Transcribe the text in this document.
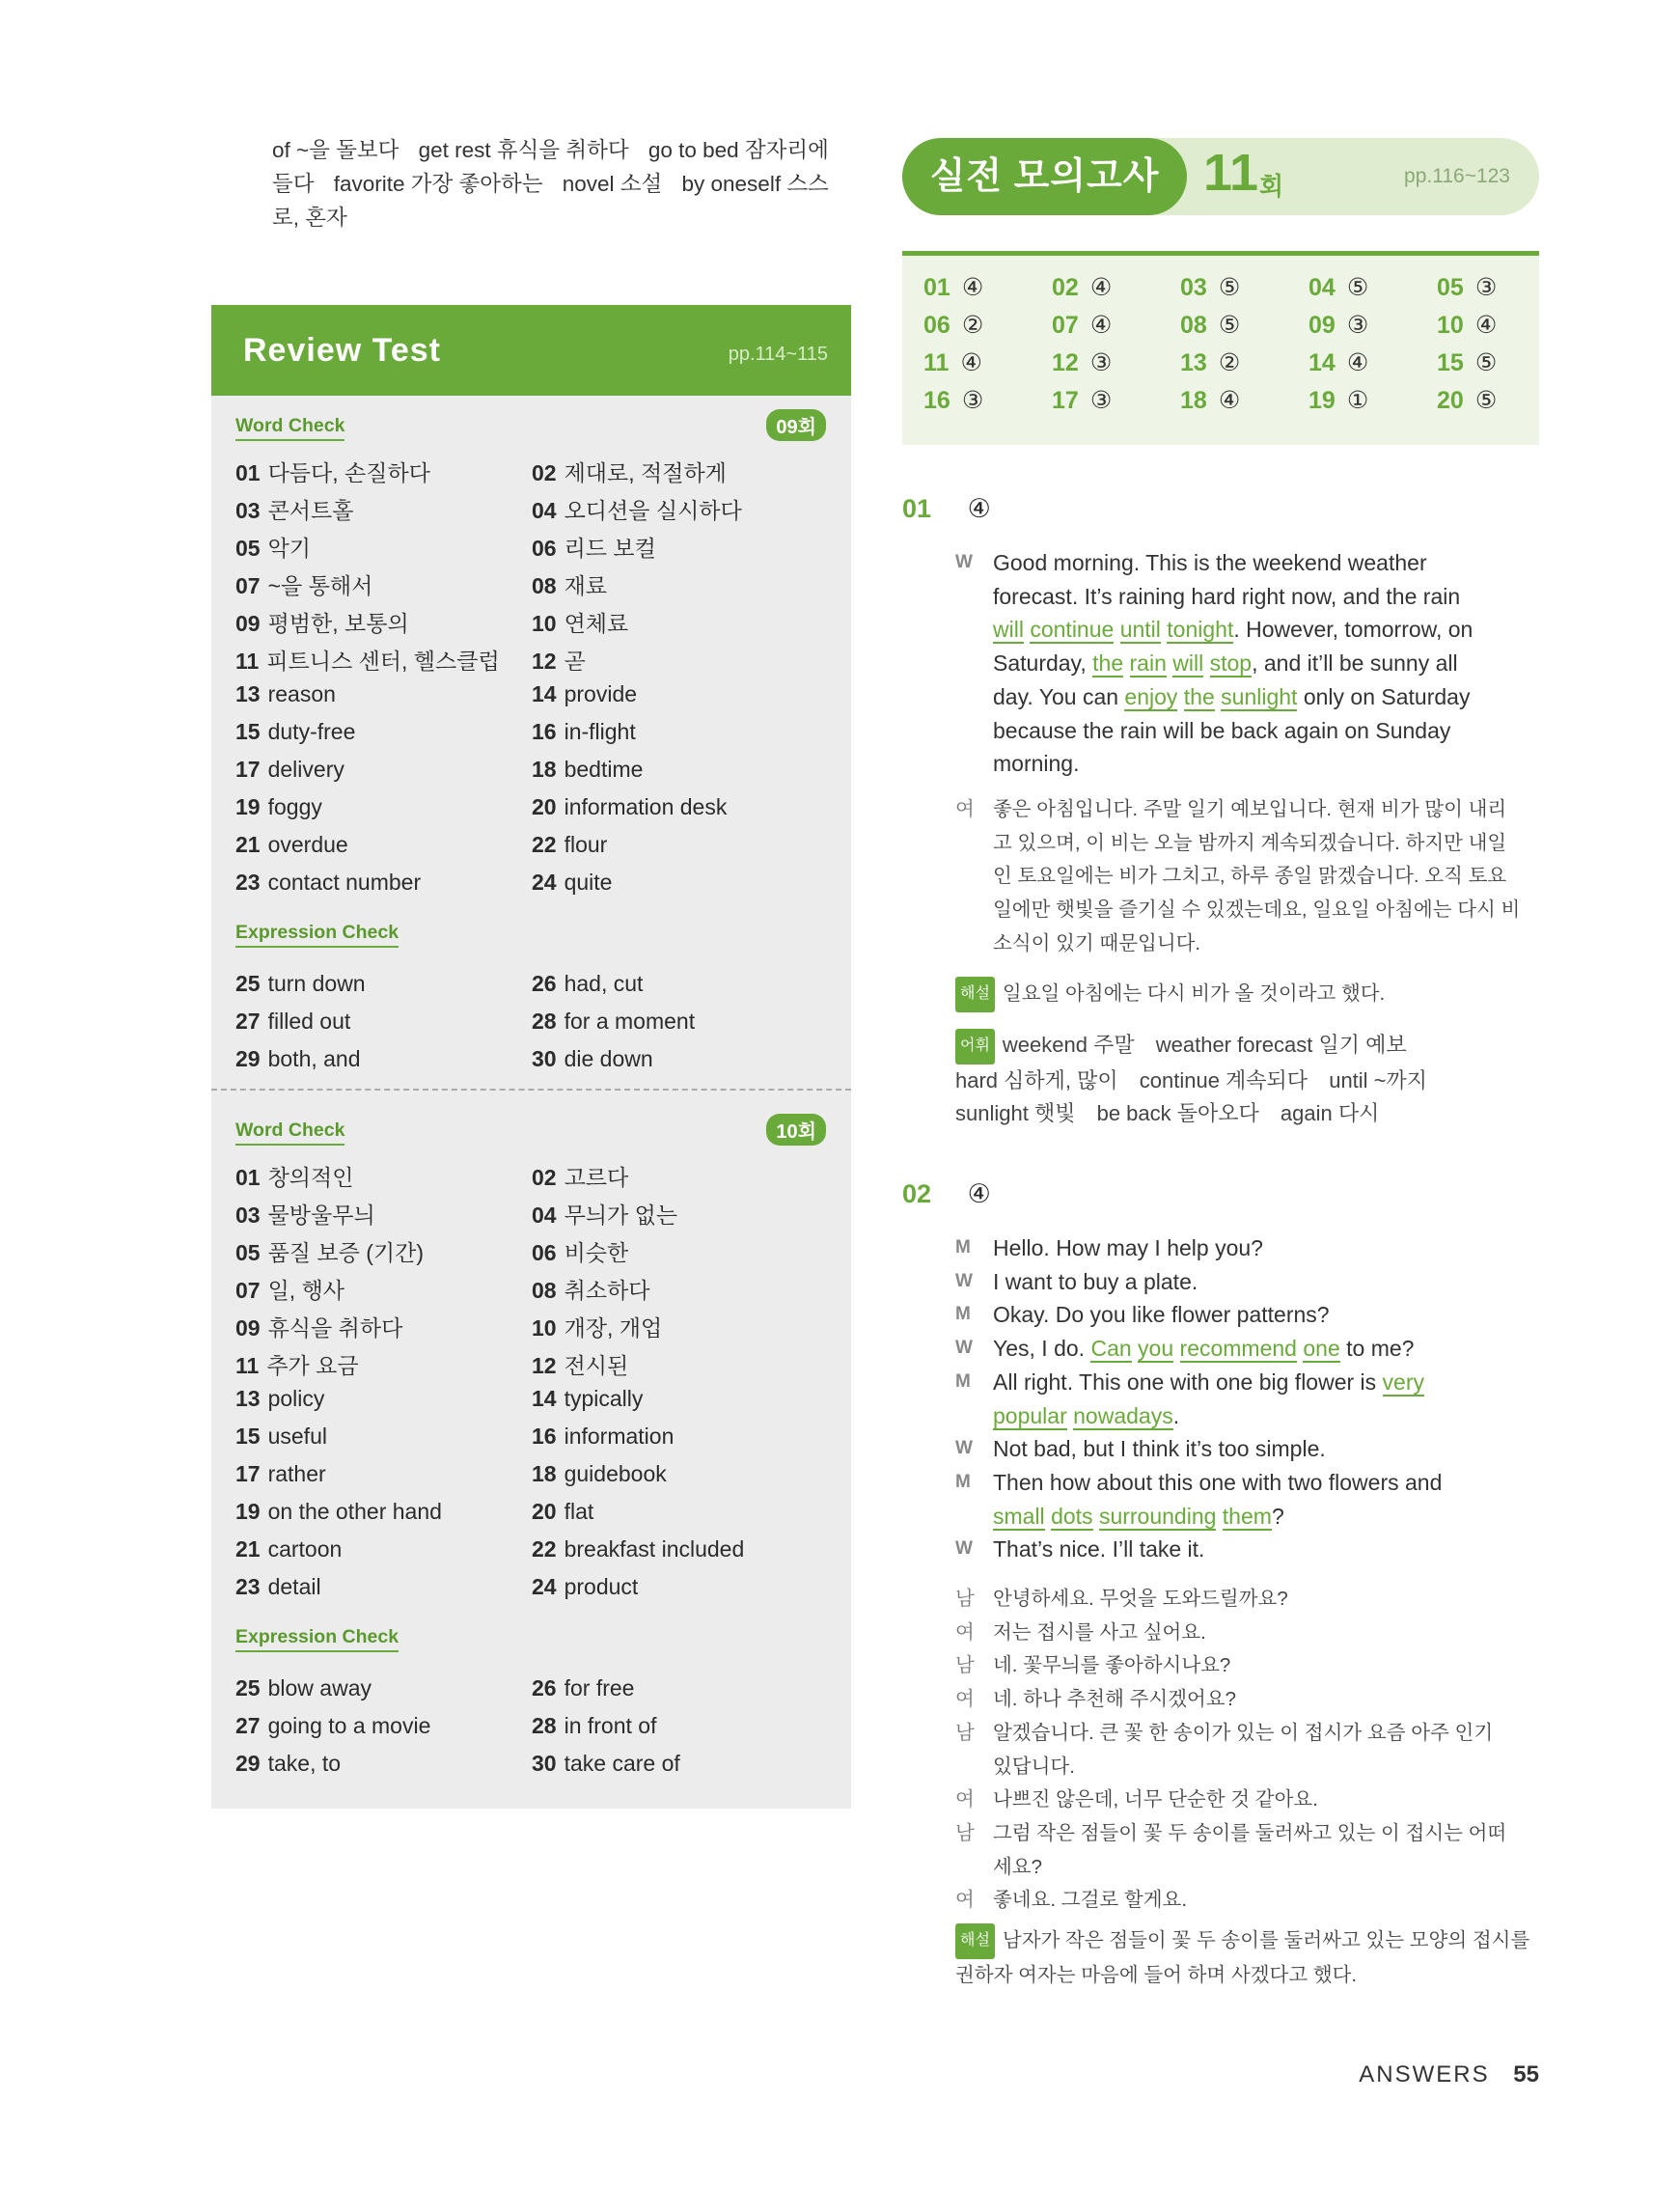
of ~을 돌보다 get rest 휴식을 취하다 go to bed 잠자리에 들다 favorite 가장 좋아하는 novel 소설 by oneself 스스로, 혼자
Review Test	pp.114~115
Word Check	09회
01 다듬다, 손질하다	02 제대로, 적절하게
03 콘서트홀	04 오디션을 실시하다
05 악기	06 리드 보컬
07 ~을 통해서	08 재료
09 평범한, 보통의	10 연체료
11 피트니스 센터, 헬스클럽	12 곧
13 reason	14 provide
15 duty-free	16 in-flight
17 delivery	18 bedtime
19 foggy	20 information desk
21 overdue	22 flour
23 contact number	24 quite
Expression Check
25 turn down	26 had, cut
27 filled out	28 for a moment
29 both, and	30 die down
Word Check	10회
01 창의적인	02 고르다
03 물방울무늬	04 무늬가 없는
05 품질 보증 (기간)	06 비슷한
07 일, 행사	08 취소하다
09 휴식을 취하다	10 개장, 개업
11 추가 요금	12 전시된
13 policy	14 typically
15 useful	16 information
17 rather	18 guidebook
19 on the other hand	20 flat
21 cartoon	22 breakfast included
23 detail	24 product
Expression Check
25 blow away	26 for free
27 going to a movie	28 in front of
29 take, to	30 take care of
실전 모의고사 11 회	pp.116~123
01 ④	02 ④	03 ⑤	04 ⑤	05 ③
06 ②	07 ④	08 ⑤	09 ③	10 ④
11 ④	12 ③	13 ②	14 ④	15 ⑤
16 ③	17 ③	18 ④	19 ①	20 ⑤
01 ④
W Good morning. This is the weekend weather
forecast. It’s raining hard right now, and the rain
will continue until tonight. However, tomorrow, on
Saturday, the rain will stop, and it’ll be sunny all
day. You can enjoy the sunlight only on Saturday
because the rain will be back again on Sunday
morning.
여 좋은 아침입니다. 주말 일기 예보입니다. 현재 비가 많이 내리
고 있으며, 이 비는 오늘 밤까지 계속되겠습니다. 하지만 내일
인 토요일에는 비가 그치고, 하루 종일 맑겠습니다. 오직 토요
일에만 햇빛을 즐기실 수 있겠는데요, 일요일 아침에는 다시 비
소식이 있기 때문입니다.
해설 일요일 아침에는 다시 비가 올 것이라고 했다.
어휘 weekend 주말 weather forecast 일기 예보 hard 심하게, 많이 continue 계속되다 until ~까지 sunlight 햇빛 be back 돌아오다 again 다시
02 ④
M	Hello. How may I help you?
W I want to buy a plate.
M	Okay. Do you like flower patterns?
W Yes, I do. Can you recommend one to me?
M	All right. This one with one big flower is very
popular nowadays.
W Not bad, but I think it’s too simple.
M	Then how about this one with two flowers and
small dots surrounding them?
W That’s nice. I’ll take it.
남 안녕하세요. 무엇을 도와드릴까요?
여 저는 접시를 사고 싶어요.
남 네. 꽃무늬를 좋아하시나요?
여 네. 하나 추천해 주시겠어요?
남 알겠습니다. 큰 꽃 한 송이가 있는 이 접시가 요즘 아주 인기
있답니다.
여 나쁘진 않은데, 너무 단순한 것 같아요.
남 그럼 작은 점들이 꽃 두 송이를 둘러싸고 있는 이 접시는 어떠
세요?
여 좋네요. 그걸로 할게요.
해설 남자가 작은 점들이 꽃 두 송이를 둘러싸고 있는 모양의 접시를 권하자 여자는 마음에 들어 하며 사겠다고 했다.
ANSWERS 55
